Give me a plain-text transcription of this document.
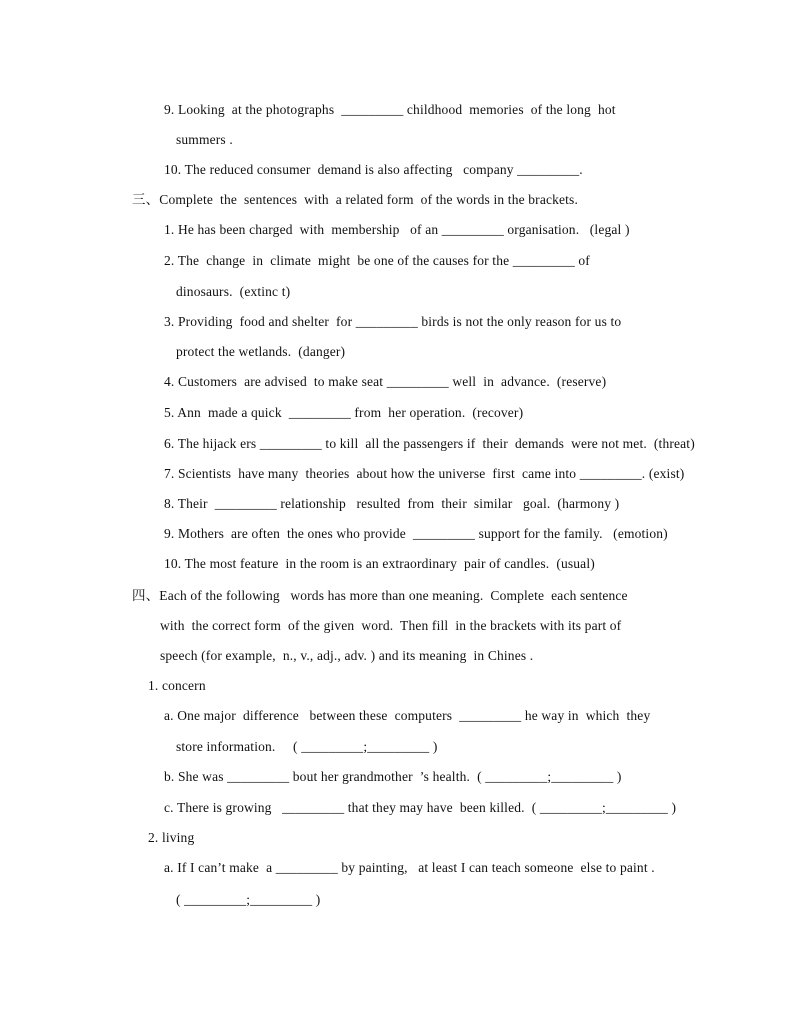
9. Looking  at the photographs  _________ childhood  memories  of the long  hot
summers .
10. The reduced consumer  demand is also affecting   company _________.
三、Complete  the  sentences  with  a related form  of the words in the brackets.
1. He has been charged  with  membership   of an _________ organisation.   (legal )
2. The  change  in  climate  might  be one of the causes for the _________ of
dinosaurs.  (extinc t)
3. Providing  food and shelter  for _________ birds is not the only reason for us to
protect the wetlands.  (danger)
4. Customers  are advised  to make seat _________ well  in  advance.  (reserve)
5. Ann  made a quick  _________ from  her operation.  (recover)
6. The hijack ers _________ to kill  all the passengers if  their  demands  were not met.  (threat)
7. Scientists  have many  theories  about how the universe  first  came into _________. (exist)
8. Their  _________ relationship   resulted  from  their  similar   goal.  (harmony )
9. Mothers  are often  the ones who provide  _________ support for the family.   (emotion)
10. The most feature  in the room is an extraordinary  pair of candles.  (usual)
四、Each of the following   words has more than one meaning.  Complete  each sentence
with  the correct form  of the given  word.  Then fill  in the brackets with its part of
speech (for example,  n., v., adj., adv. ) and its meaning  in Chines .
1. concern
a. One major  difference   between these  computers  _________ he way in  which  they
store information.     ( _________;_________ )
b. She was _________ bout her grandmother  ’s health.  ( _________;_________ )
c. There is growing   _________ that they may have  been killed.  ( _________;_________ )
2. living
a. If I can’t make  a _________ by painting,   at least I can teach someone  else to paint .
( _________;_________ )
